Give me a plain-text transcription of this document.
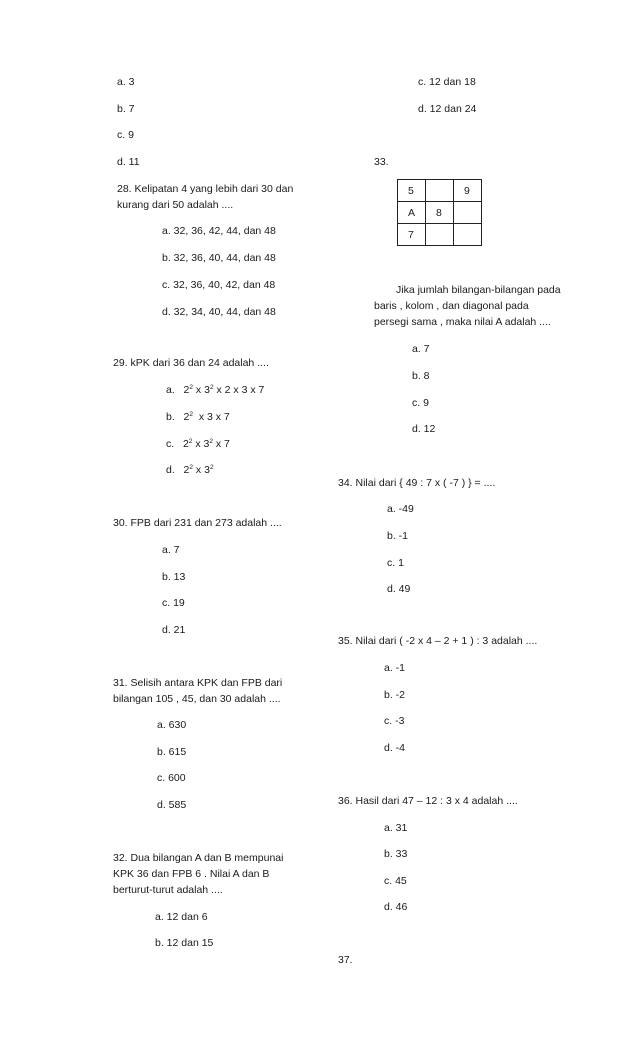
a. 3
b. 7
c. 9
d. 11
28. Kelipatan 4 yang lebih dari 30 dan
kurang dari 50 adalah ....
a. 32, 36, 42, 44, dan 48
b. 32, 36, 40, 44, dan 48
c. 32, 36, 40, 42, dan 48
d. 32, 34, 40, 44, dan 48
29. kPK dari 36 dan 24 adalah ....
a. $2^2$ x $3^2$ x 2 x 3 x 7
b. $2^2$ x 3 x 7
c. $2^2$ x $3^2$ x 7
d. $2^2$ x $3^2$
30. FPB dari 231 dan 273 adalah ....
a. 7
b. 13
c. 19
d. 21
31. Selisih antara KPK dan FPB dari
bilangan 105 , 45, dan 30 adalah ....
a. 630
b. 615
c. 600
d. 585
32. Dua bilangan A dan B mempunai
KPK 36 dan FPB 6 . Nilai A dan B
berturut-turut adalah ....
a. 12 dan 6
b. 12 dan 15
c. 12 dan 18
d. 12 dan 24
33.
5		9
A	8	
7		
Jika jumlah bilangan-bilangan pada
baris , kolom , dan diagonal pada
persegi sama , maka nilai A adalah ....
a. 7
b. 8
c. 9
d. 12
34. Nilai dari { 49 : 7 x ( -7 ) } = ....
a. -49
b. -1
c. 1
d. 49
35. Nilai dari ( -2 x 4 – 2 + 1 ) : 3 adalah ....
a. -1
b. -2
c. -3
d. -4
36. Hasil dari 47 – 12 : 3 x 4 adalah ....
a. 31
b. 33
c. 45
d. 46
37.
